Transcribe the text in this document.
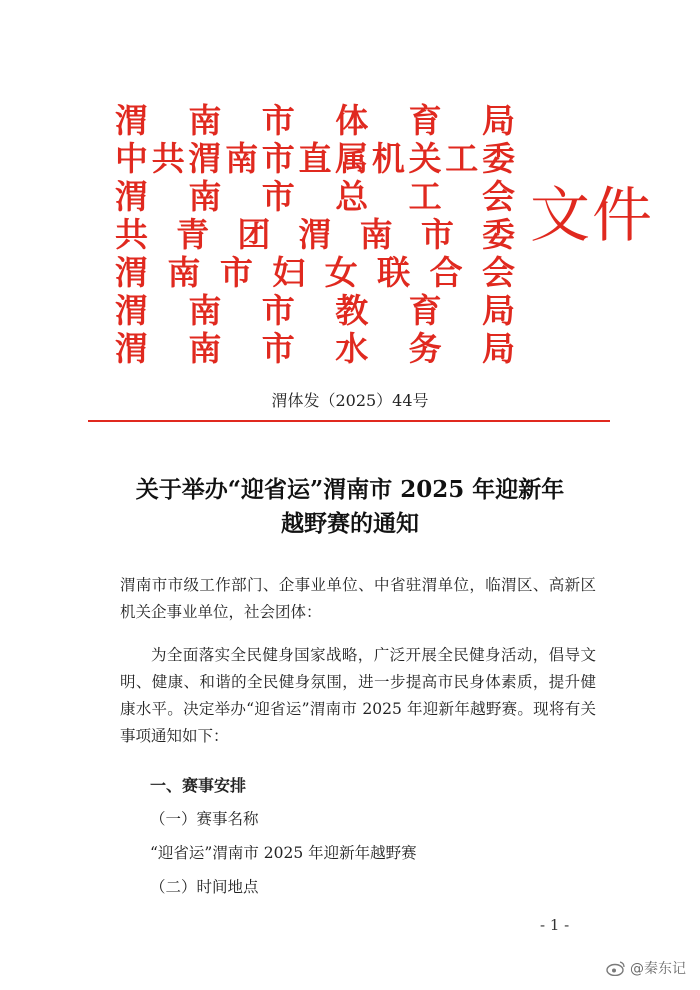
渭南市体育局
中共渭南市直属机关工委
渭南市总工会
共青团渭南市委
渭南市妇女联合会
渭南市教育局
渭南市水务局
文件
渭体发（2025）44号
关于举办“迎省运”渭南市 2025 年迎新年
越野赛的通知

渭南市市级工作部门、企事业单位、中省驻渭单位，临渭区、高新区机关企事业单位，社会团体：

为全面落实全民健身国家战略，广泛开展全民健身活动，倡导文明、健康、和谐的全民健身氛围，进一步提高市民身体素质，提升健康水平。决定举办“迎省运”渭南市 2025 年迎新年越野赛。现将有关事项通知如下：

一、赛事安排
（一）赛事名称
“迎省运”渭南市 2025 年迎新年越野赛
（二）时间地点
- 1 -
@秦东记
